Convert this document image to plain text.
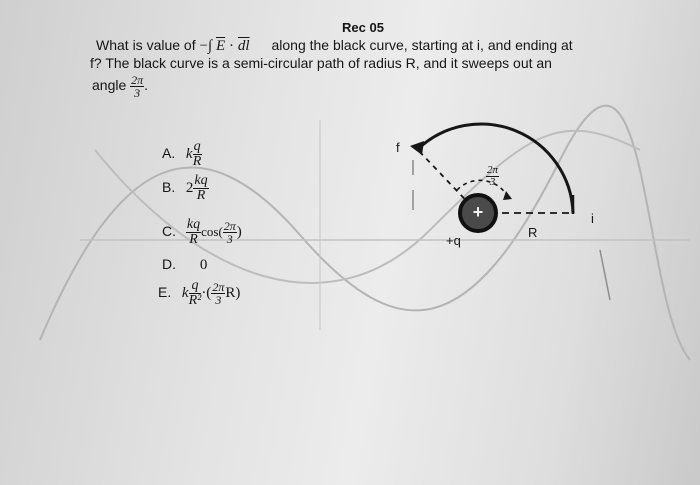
Rec 05
What is value of −∫ $\overline{E} \cdot \overline{dl}$ along the black curve, starting at i, and ending at
f? The black curve is a semi-circular path of radius R, and it sweeps out an
angle $\frac{2\pi}{3}$ .
A. k $\frac{q}{R}$
B. $2 \frac{kq}{R}$
C. $\frac{kq}{R} \cos( \frac{2\pi}{3}$ )
D. 0
E. k $\frac{q}{\text{R²}}$ ·( $\frac{2\pi}{3} R$)
f
i
R
+q
+
$\frac{2\pi}{3}$
